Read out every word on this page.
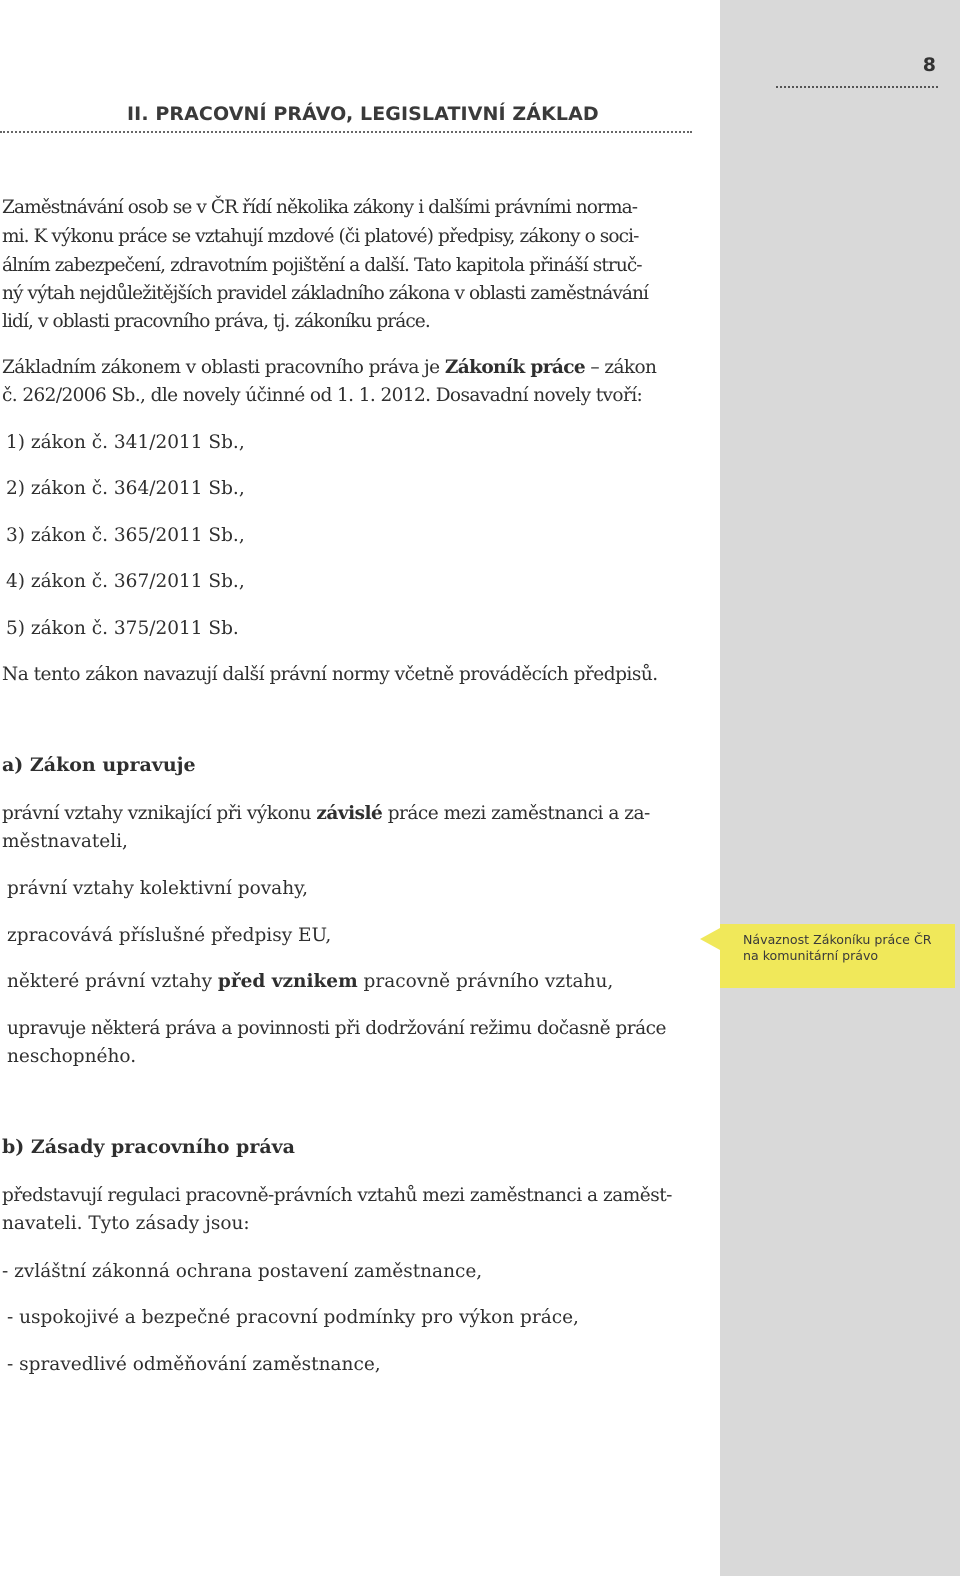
8
II. PRACOVNÍ PRÁVO, LEGISLATIVNÍ ZÁKLAD

Zaměstnávání osob se v ČR řídí několika zákony i dalšími právními norma-

mi. K výkonu práce se vztahují mzdové (či platové) předpisy, zákony o soci-

álním zabezpečení, zdravotním pojištění a další. Tato kapitola přináší struč-

ný výtah nejdůležitějších pravidel základního zákona v oblasti zaměstnávání

lidí, v oblasti pracovního práva, tj. zákoníku práce.

Základním zákonem v oblasti pracovního práva je Zákoník práce – zákon

č. 262/2006 Sb., dle novely účinné od 1. 1. 2012. Dosavadní novely tvoří:

1) zákon č. 341/2011 Sb.,

2) zákon č. 364/2011 Sb.,

3) zákon č. 365/2011 Sb.,

4) zákon č. 367/2011 Sb.,

5) zákon č. 375/2011 Sb.

Na tento zákon navazují další právní normy včetně prováděcích předpisů.

a) Zákon upravuje

právní vztahy vznikající při výkonu závislé práce mezi zaměstnanci a za-

městnavateli,

právní vztahy kolektivní povahy,

zpracovává příslušné předpisy EU,

některé právní vztahy před vznikem pracovně právního vztahu,

upravuje některá práva a povinnosti při dodržování režimu dočasně práce

neschopného.

b) Zásady pracovního práva

představují regulaci pracovně-právních vztahů mezi zaměstnanci a zaměst-

navateli. Tyto zásady jsou:

- zvláštní zákonná ochrana postavení zaměstnance,

- uspokojivé a bezpečné pracovní podmínky pro výkon práce,

- spravedlivé odměňování zaměstnance,

Návaznost Zákoníku práce ČR
na komunitární právo
